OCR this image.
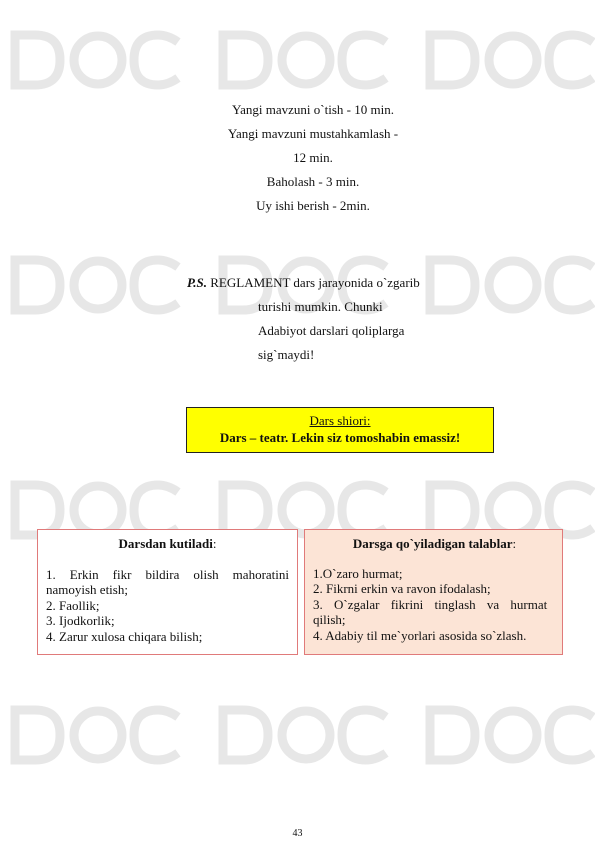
Yangi mavzuni o`tish - 10 min.
Yangi mavzuni mustahkamlash -
12 min.
Baholash - 3 min.
Uy ishi berish - 2min.
P.S. REGLAMENT dars jarayonida o`zgarib
turishi mumkin. Chunki
Adabiyot darslari qoliplarga
sig`maydi!
Dars shiori:
Dars – teatr. Lekin siz tomoshabin emassiz!
Darsdan kutiladi:
1. Erkin fikr bildira olish mahoratini
namoyish etish;
2. Faollik;
3. Ijodkorlik;
4. Zarur xulosa chiqara bilish;
Darsga qo`yiladigan talablar:
1.O`zaro hurmat;
2. Fikrni erkin va ravon ifodalash;
3. O`zgalar fikrini tinglash va hurmat
qilish;
4. Adabiy til me`yorlari asosida so`zlash.
43
